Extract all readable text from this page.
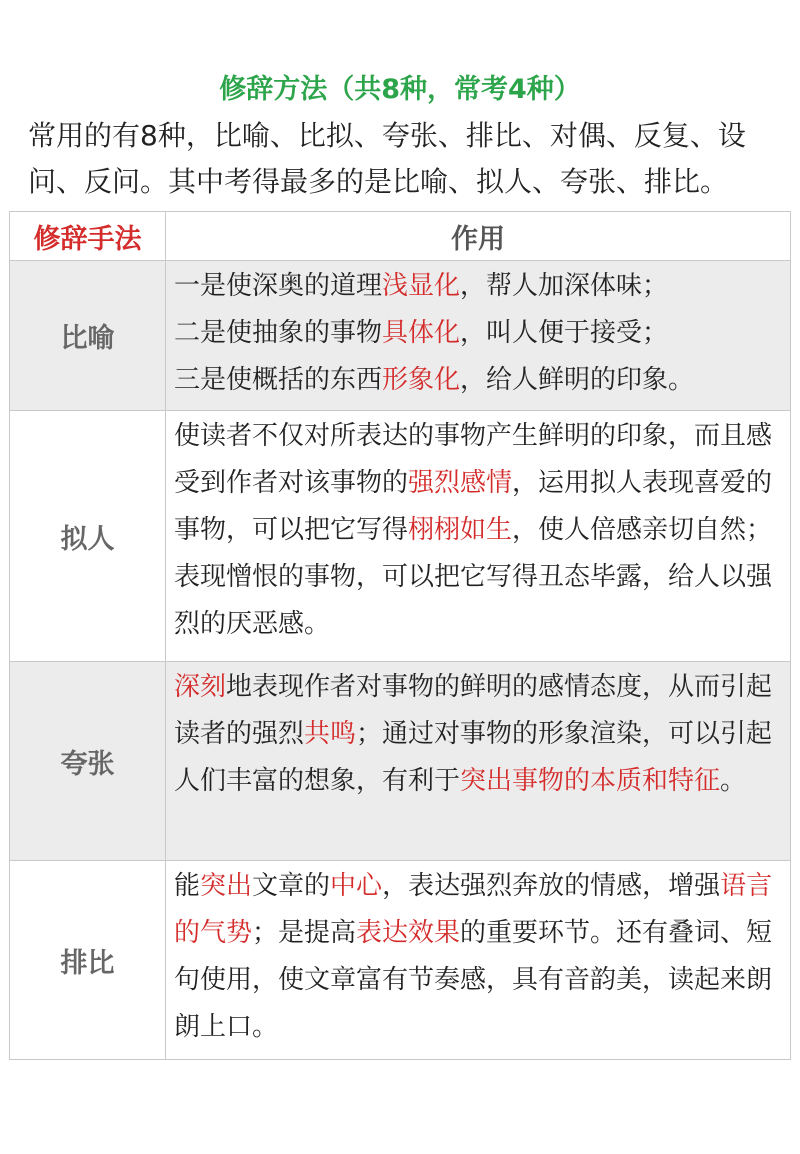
修辞方法（共8种，常考4种）

常用的有8种，比喻、比拟、夸张、排比、对偶、反复、设问、反问。其中考得最多的是比喻、拟人、夸张、排比。

修辞手法	作用
比喻	一是使深奥的道理浅显化，帮人加深体味；
二是使抽象的事物具体化，叫人便于接受；
三是使概括的东西形象化，给人鲜明的印象。
拟人	使读者不仅对所表达的事物产生鲜明的印象，而且感受到作者对该事物的强烈感情，运用拟人表现喜爱的事物，可以把它写得栩栩如生，使人倍感亲切自然；表现憎恨的事物，可以把它写得丑态毕露，给人以强烈的厌恶感。
夸张	深刻地表现作者对事物的鲜明的感情态度，从而引起读者的强烈共鸣；通过对事物的形象渲染，可以引起人们丰富的想象，有利于突出事物的本质和特征。
排比	能突出文章的中心，表达强烈奔放的情感，增强语言的气势；是提高表达效果的重要环节。还有叠词、短句使用，使文章富有节奏感，具有音韵美，读起来朗朗上口。
